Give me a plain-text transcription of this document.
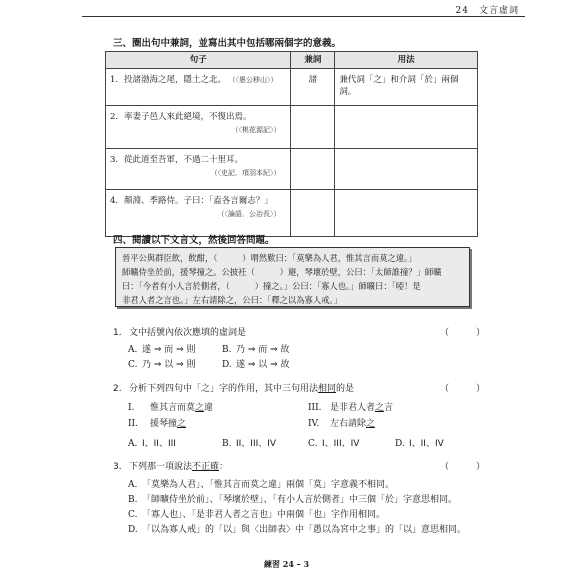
24　文言虛詞
三、圈出句中兼詞，並寫出其中包括哪兩個字的意義。
句子	兼詞	用法
1. 投諸渤海之尾，隱土之北。 （〈愚公移山〉）	諸	兼代詞「之」和介詞「於」兩個詞。
2. 率妻子邑人來此絕境，不復出焉。
（〈桃花源記〉）		

3. 從此道至吾軍，不過二十里耳。
（〈史記．項羽本紀〉）		

4. 顏淵、季路侍。子曰：「盍各言爾志？」
（〈論語．公冶長〉）		

四、閱讀以下文言文，然後回答問題。
晉平公與群臣飲，飲酣，（　　　）喟然歎曰：「莫樂為人君，惟其言而莫之違。」
師曠侍坐於前，援琴撞之。公披衽（　　　）避，琴壞於壁，公曰：「太師誰撞？」師曠
曰：「今者有小人言於側者，（　　　）撞之。」公曰：「寡人也。」師曠曰：「啞！是
非君人者之言也。」左右請除之，公曰：「釋之以為寡人戒。」
1. 文中括號內依次應填的虛詞是	（　　　）
A. 遂 ⇒ 而 ⇒ 則	B. 乃 ⇒ 而 ⇒ 故
C. 乃 ⇒ 以 ⇒ 則	D. 遂 ⇒ 以 ⇒ 故
2. 分析下列四句中「之」字的作用，其中三句用法相同的是	（　　　）
I. 惟其言而莫之違	III. 是非君人者之言
II. 援琴撞之	IV. 左右請除之
A. I、II、III	B. II、III、IV	C. I、III、IV	D. I、II、IV
3. 下列那一項說法不正確：	（　　　）
A. 「莫樂為人君」、「惟其言而莫之違」兩個「莫」字意義不相同。
B. 「師曠侍坐於前」、「琴壞於壁」、「有小人言於側者」中三個「於」字意思相同。
C. 「寡人也」、「是非君人者之言也」中兩個「也」字作用相同。
D. 「以為寡人戒」的「以」與〈出師表〉中「愚以為宮中之事」的「以」意思相同。
練習 24 – 3
